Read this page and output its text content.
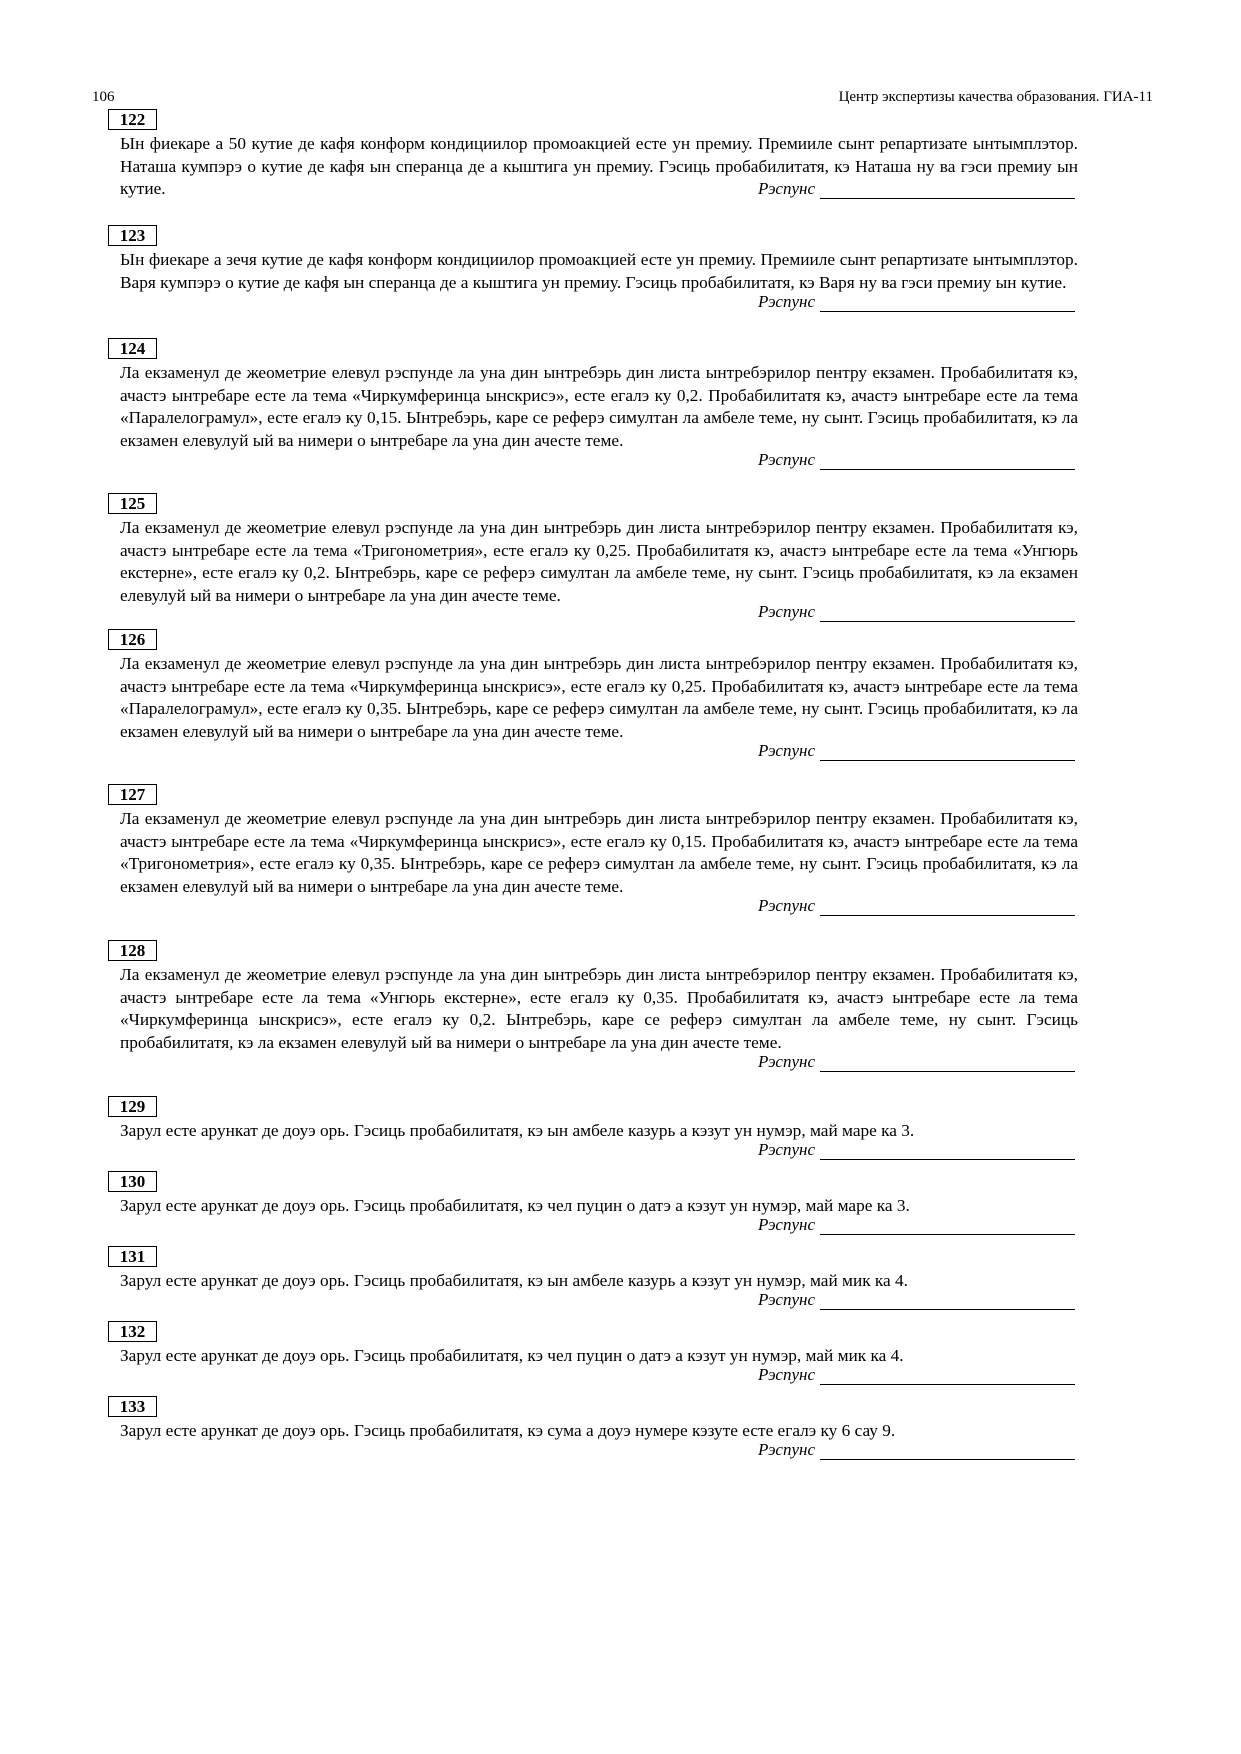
106	Центр экспертизы качества образования. ГИА-11
122

Ын фиекаре а 50 кутие де кафя конформ кондициилор промоакцией есте ун премиу. Премииле сынт репартизате ынтымплэтор. Наташа кумпэрэ о кутие де кафя ын сперанца де а кыштига ун премиу. Гэсиць пробабилитатя, кэ Наташа ну ва гэси премиу ын кутие.	Рэспунс
123

Ын фиекаре а зечя кутие де кафя конформ кондициилор промоакцией есте ун премиу. Премииле сынт репартизате ынтымплэтор. Варя кумпэрэ о кутие де кафя ын сперанца де а кыштига ун премиу. Гэсиць пробабилитатя, кэ Варя ну ва гэси премиу ын кутие.

Рэспунс
124

Ла екзаменул де жеометрие елевул рэспунде ла уна дин ынтребэрь дин листа ынтребэрилор пентру екзамен. Пробабилитатя кэ, ачастэ ынтребаре есте ла тема «Чиркумферинца ынскрисэ», есте егалэ ку 0,2. Пробабилитатя кэ, ачастэ ынтребаре есте ла тема «Паралелограмул», есте егалэ ку 0,15. Ынтребэрь, каре се реферэ симултан ла амбеле теме, ну сынт. Гэсиць пробабилитатя, кэ ла екзамен елевулуй ый ва нимери о ынтребаре ла уна дин ачесте теме.

Рэспунс
125

Ла екзаменул де жеометрие елевул рэспунде ла уна дин ынтребэрь дин листа ынтребэрилор пентру екзамен. Пробабилитатя кэ, ачастэ ынтребаре есте ла тема «Тригонометрия», есте егалэ ку 0,25. Пробабилитатя кэ, ачастэ ынтребаре есте ла тема «Унгюрь екстерне», есте егалэ ку 0,2. Ынтребэрь, каре се реферэ симултан ла амбеле теме, ну сынт. Гэсиць пробабилитатя, кэ ла екзамен елевулуй ый ва нимери о ынтребаре ла уна дин ачесте теме.

Рэспунс
126

Ла екзаменул де жеометрие елевул рэспунде ла уна дин ынтребэрь дин листа ынтребэрилор пентру екзамен. Пробабилитатя кэ, ачастэ ынтребаре есте ла тема «Чиркумферинца ынскрисэ», есте егалэ ку 0,25. Пробабилитатя кэ, ачастэ ынтребаре есте ла тема «Паралелограмул», есте егалэ ку 0,35. Ынтребэрь, каре се реферэ симултан ла амбеле теме, ну сынт. Гэсиць пробабилитатя, кэ ла екзамен елевулуй ый ва нимери о ынтребаре ла уна дин ачесте теме.

Рэспунс
127

Ла екзаменул де жеометрие елевул рэспунде ла уна дин ынтребэрь дин листа ынтребэрилор пентру екзамен. Пробабилитатя кэ, ачастэ ынтребаре есте ла тема «Чиркумферинца ынскрисэ», есте егалэ ку 0,15. Пробабилитатя кэ, ачастэ ынтребаре есте ла тема «Тригонометрия», есте егалэ ку 0,35. Ынтребэрь, каре се реферэ симултан ла амбеле теме, ну сынт. Гэсиць пробабилитатя, кэ ла екзамен елевулуй ый ва нимери о ынтребаре ла уна дин ачесте теме.

Рэспунс
128

Ла екзаменул де жеометрие елевул рэспунде ла уна дин ынтребэрь дин листа ынтребэрилор пентру екзамен. Пробабилитатя кэ, ачастэ ынтребаре есте ла тема «Унгюрь екстерне», есте егалэ ку 0,35. Пробабилитатя кэ, ачастэ ынтребаре есте ла тема «Чиркумферинца ынскрисэ», есте егалэ ку 0,2. Ынтребэрь, каре се реферэ симултан ла амбеле теме, ну сынт. Гэсиць пробабилитатя, кэ ла екзамен елевулуй ый ва нимери о ынтребаре ла уна дин ачесте теме.

Рэспунс
129

Зарул есте арункат де доуэ орь. Гэсиць пробабилитатя, кэ ын амбеле казурь а кэзут ун нумэр, май маре ка 3.

Рэспунс
130

Зарул есте арункат де доуэ орь. Гэсиць пробабилитатя, кэ чел пуцин о датэ а кэзут ун нумэр, май маре ка 3.

Рэспунс
131

Зарул есте арункат де доуэ орь. Гэсиць пробабилитатя, кэ ын амбеле казурь а кэзут ун нумэр, май мик ка 4.

Рэспунс
132

Зарул есте арункат де доуэ орь. Гэсиць пробабилитатя, кэ чел пуцин о датэ а кэзут ун нумэр, май мик ка 4.

Рэспунс
133

Зарул есте арункат де доуэ орь. Гэсиць пробабилитатя, кэ сума а доуэ нумере кэзуте есте егалэ ку 6 сау 9.

Рэспунс
